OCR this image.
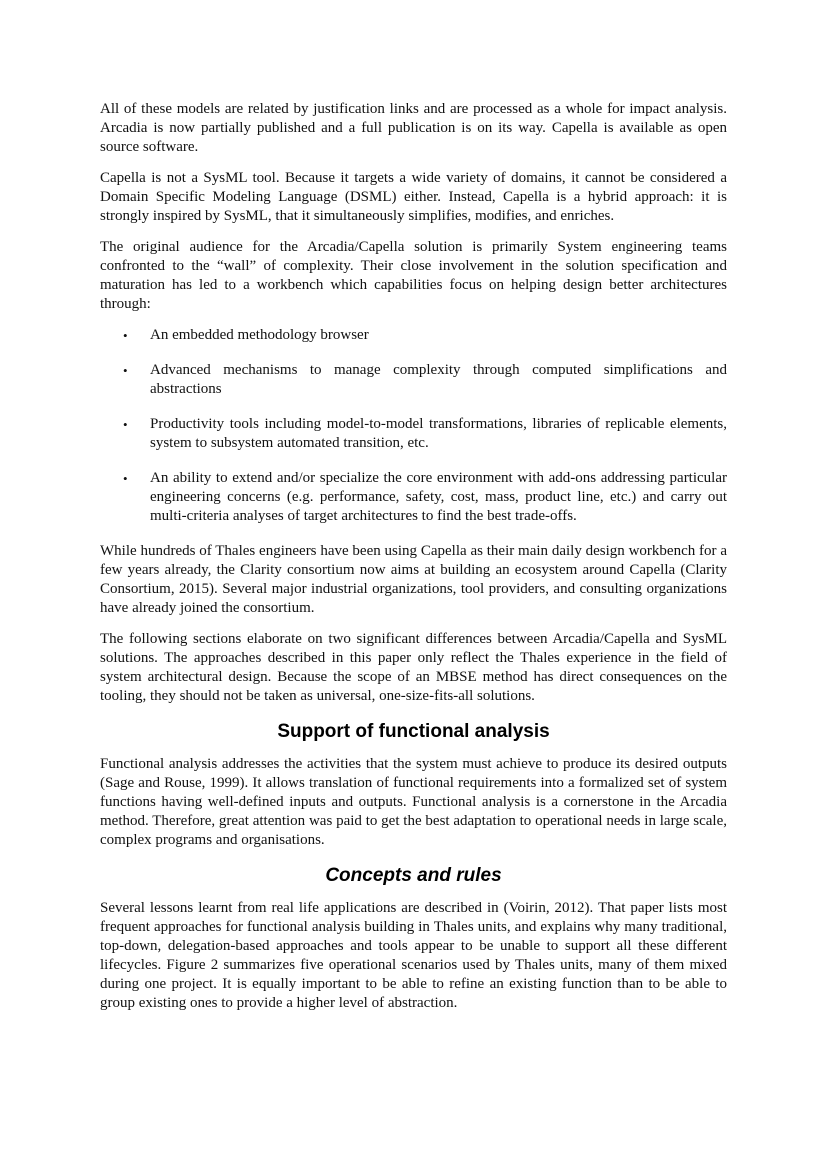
All of these models are related by justification links and are processed as a whole for impact analysis. Arcadia is now partially published and a full publication is on its way. Capella is available as open source software.

Capella is not a SysML tool. Because it targets a wide variety of domains, it cannot be considered a Domain Specific Modeling Language (DSML) either. Instead, Capella is a hybrid approach: it is strongly inspired by SysML, that it simultaneously simplifies, modifies, and enriches.

The original audience for the Arcadia/Capella solution is primarily System engineering teams confronted to the “wall” of complexity. Their close involvement in the solution specification and maturation has led to a workbench which capabilities focus on helping design better architectures through:

• An embedded methodology browser
• Advanced mechanisms to manage complexity through computed simplifications and abstractions
• Productivity tools including model-to-model transformations, libraries of replicable elements, system to subsystem automated transition, etc.
• An ability to extend and/or specialize the core environment with add-ons addressing particular engineering concerns (e.g. performance, safety, cost, mass, product line, etc.) and carry out multi-criteria analyses of target architectures to find the best trade-offs.

While hundreds of Thales engineers have been using Capella as their main daily design workbench for a few years already, the Clarity consortium now aims at building an ecosystem around Capella (Clarity Consortium, 2015). Several major industrial organizations, tool providers, and consulting organizations have already joined the consortium.

The following sections elaborate on two significant differences between Arcadia/Capella and SysML solutions. The approaches described in this paper only reflect the Thales experience in the field of system architectural design. Because the scope of an MBSE method has direct consequences on the tooling, they should not be taken as universal, one-size-fits-all solutions.

Support of functional analysis

Functional analysis addresses the activities that the system must achieve to produce its desired outputs (Sage and Rouse, 1999). It allows translation of functional requirements into a formalized set of system functions having well-defined inputs and outputs. Functional analysis is a cornerstone in the Arcadia method. Therefore, great attention was paid to get the best adaptation to operational needs in large scale, complex programs and organisations.

Concepts and rules

Several lessons learnt from real life applications are described in (Voirin, 2012). That paper lists most frequent approaches for functional analysis building in Thales units, and explains why many traditional, top-down, delegation-based approaches and tools appear to be unable to support all these different lifecycles. Figure 2 summarizes five operational scenarios used by Thales units, many of them mixed during one project. It is equally important to be able to refine an existing function than to be able to group existing ones to provide a higher level of abstraction.
